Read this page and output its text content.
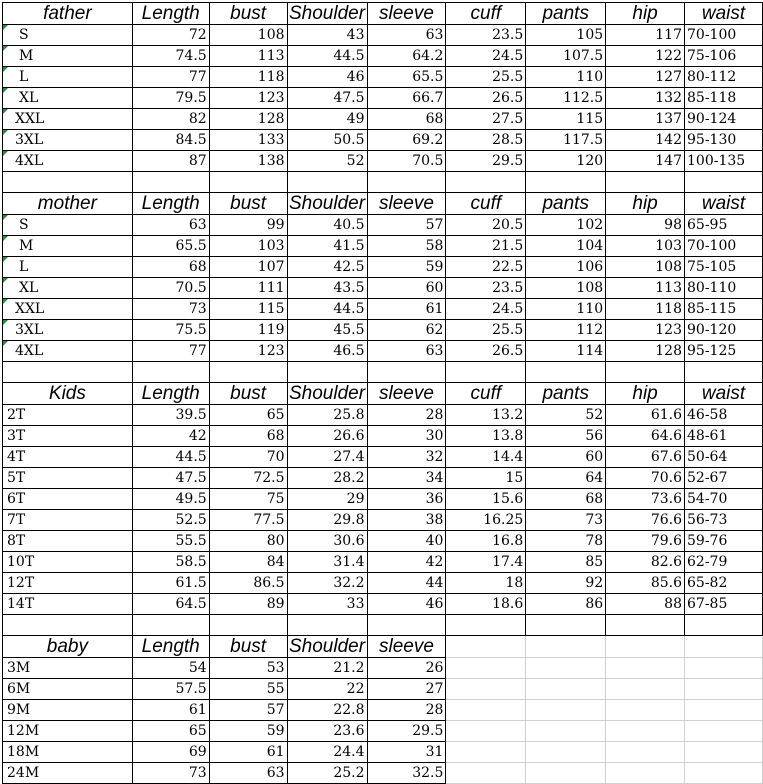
father	Length	bust	Shoulder	sleeve	cuff	pants	hip	waist
S	72	108	43	63	23.5	105	117	70-100
M	74.5	113	44.5	64.2	24.5	107.5	122	75-106
L	77	118	46	65.5	25.5	110	127	80-112
XL	79.5	123	47.5	66.7	26.5	112.5	132	85-118
XXL	82	128	49	68	27.5	115	137	90-124
3XL	84.5	133	50.5	69.2	28.5	117.5	142	95-130
4XL	87	138	52	70.5	29.5	120	147	100-135

mother	Length	bust	Shoulder	sleeve	cuff	pants	hip	waist
S	63	99	40.5	57	20.5	102	98	65-95
M	65.5	103	41.5	58	21.5	104	103	70-100
L	68	107	42.5	59	22.5	106	108	75-105
XL	70.5	111	43.5	60	23.5	108	113	80-110
XXL	73	115	44.5	61	24.5	110	118	85-115
3XL	75.5	119	45.5	62	25.5	112	123	90-120
4XL	77	123	46.5	63	26.5	114	128	95-125

Kids	Length	bust	Shoulder	sleeve	cuff	pants	hip	waist
2T	39.5	65	25.8	28	13.2	52	61.6	46-58
3T	42	68	26.6	30	13.8	56	64.6	48-61
4T	44.5	70	27.4	32	14.4	60	67.6	50-64
5T	47.5	72.5	28.2	34	15	64	70.6	52-67
6T	49.5	75	29	36	15.6	68	73.6	54-70
7T	52.5	77.5	29.8	38	16.25	73	76.6	56-73
8T	55.5	80	30.6	40	16.8	78	79.6	59-76
10T	58.5	84	31.4	42	17.4	85	82.6	62-79
12T	61.5	86.5	32.2	44	18	92	85.6	65-82
14T	64.5	89	33	46	18.6	86	88	67-85

baby	Length	bust	Shoulder	sleeve				
3M	54	53	21.2	26				
6M	57.5	55	22	27				
9M	61	57	22.8	28				
12M	65	59	23.6	29.5				
18M	69	61	24.4	31				
24M	73	63	25.2	32.5				
